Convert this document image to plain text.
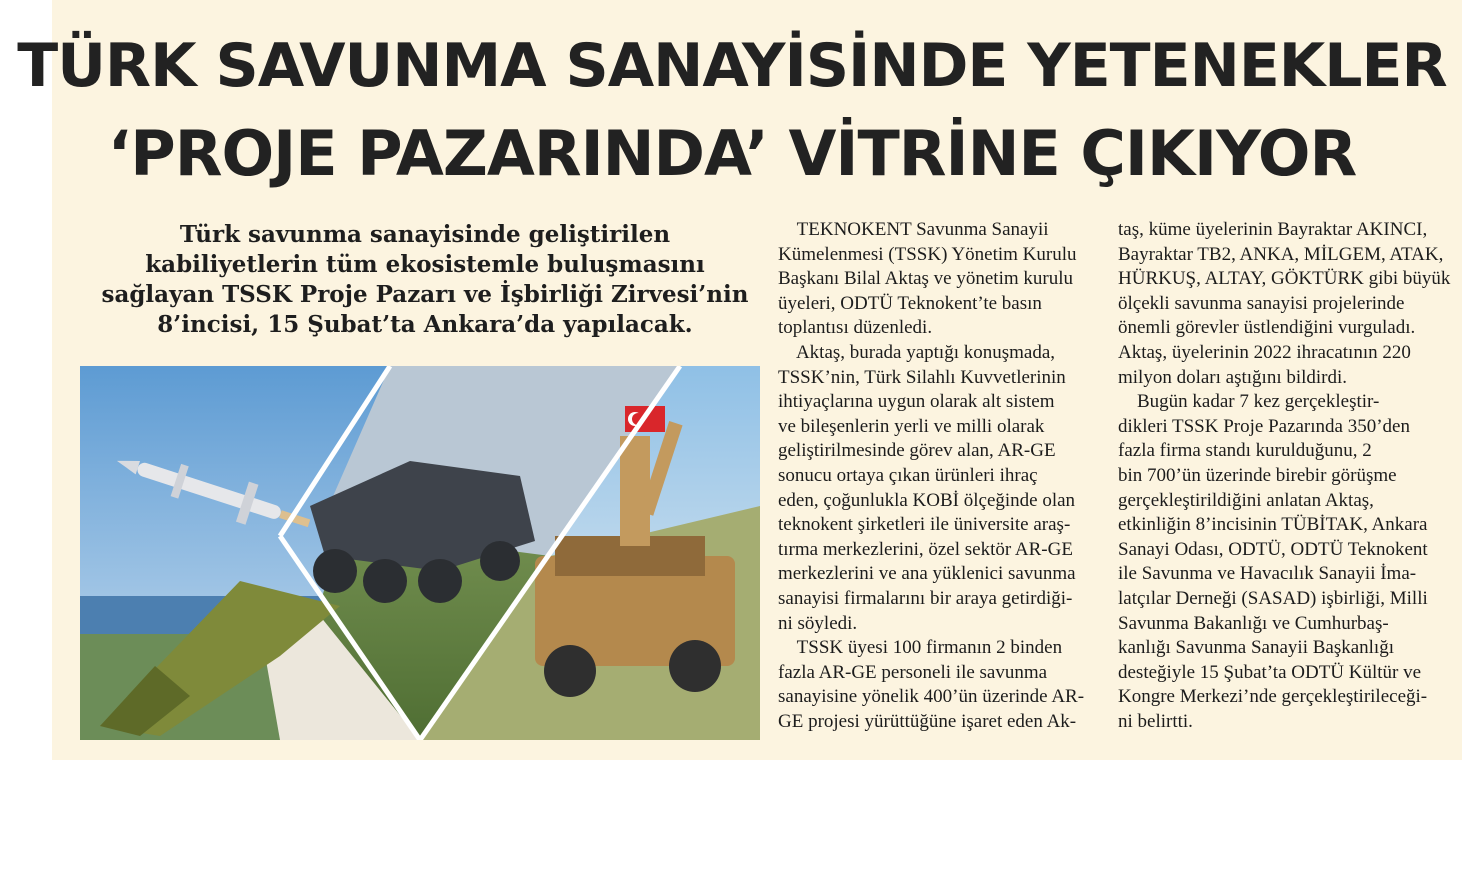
TÜRK SAVUNMA SANAYİSİNDE YETENEKLER
‘PROJE PAZARINDA’ VİTRİNE ÇIKIYOR

Türk savunma sanayisinde geliştirilen
kabiliyetlerin tüm ekosistemle buluşmasını
sağlayan TSSK Proje Pazarı ve İşbirliği Zirvesi’nin
8’incisi, 15 Şubat’ta Ankara’da yapılacak.

TEKNOKENT Savunma Sanayii
Kümelenmesi (TSSK) Yönetim Kurulu
Başkanı Bilal Aktaş ve yönetim kurulu
üyeleri, ODTÜ Teknokent’te basın
toplantısı düzenledi.
Aktaş, burada yaptığı konuşmada,
TSSK’nin, Türk Silahlı Kuvvetlerinin
ihtiyaçlarına uygun olarak alt sistem
ve bileşenlerin yerli ve milli olarak
geliştirilmesinde görev alan, AR-GE
sonucu ortaya çıkan ürünleri ihraç
eden, çoğunlukla KOBİ ölçeğinde olan
teknokent şirketleri ile üniversite araş-
tırma merkezlerini, özel sektör AR-GE
merkezlerini ve ana yüklenici savunma
sanayisi firmalarını bir araya getirdiği-
ni söyledi.
TSSK üyesi 100 firmanın 2 binden
fazla AR-GE personeli ile savunma
sanayisine yönelik 400’ün üzerinde AR-
GE projesi yürüttüğüne işaret eden Ak-

taş, küme üyelerinin Bayraktar AKINCI,
Bayraktar TB2, ANKA, MİLGEM, ATAK,
HÜRKUŞ, ALTAY, GÖKTÜRK gibi büyük
ölçekli savunma sanayisi projelerinde
önemli görevler üstlendiğini vurguladı.
Aktaş, üyelerinin 2022 ihracatının 220
milyon doları aştığını bildirdi.
Bugün kadar 7 kez gerçekleştir-
dikleri TSSK Proje Pazarında 350’den
fazla firma standı kurulduğunu, 2
bin 700’ün üzerinde birebir görüşme
gerçekleştirildiğini anlatan Aktaş,
etkinliğin 8’incisinin TÜBİTAK, Ankara
Sanayi Odası, ODTÜ, ODTÜ Teknokent
ile Savunma ve Havacılık Sanayii İma-
latçılar Derneği (SASAD) işbirliği, Milli
Savunma Bakanlığı ve Cumhurbaş-
kanlığı Savunma Sanayii Başkanlığı
desteğiyle 15 Şubat’ta ODTÜ Kültür ve
Kongre Merkezi’nde gerçekleştirileceği-
ni belirtti.
